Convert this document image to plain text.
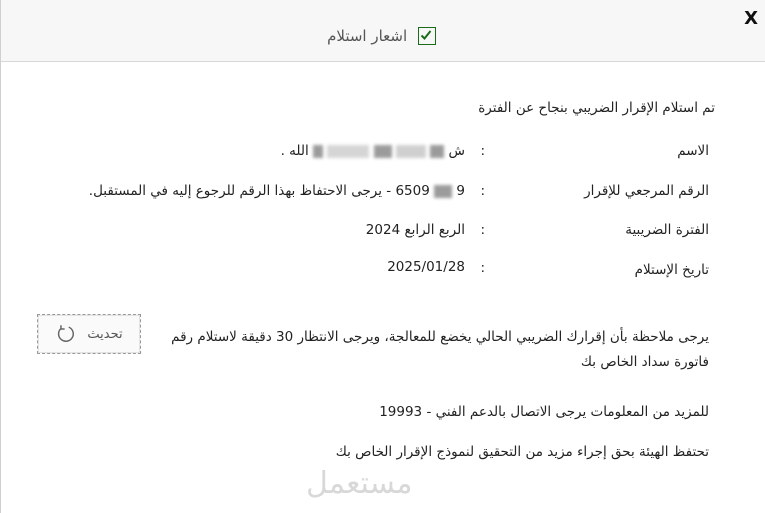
X
اشعار استلام
تم استلام الإقرار الضريبي بنجاح عن الفترة
الاسم
:
ش      الله .
الرقم المرجعي للإقرار
:
9  6509 - يرجى الاحتفاظ بهذا الرقم للرجوع إليه في المستقبل.
الفترة الضريبية
:
الربع الرابع 2024
تاريخ الإستلام
:
2025/01/28
تحديث	يرجى ملاحظة بأن إقرارك الضريبي الحالي يخضع للمعالجة، ويرجى الانتظار 30 دقيقة لاستلام رقم فاتورة سداد الخاص بك
للمزيد من المعلومات يرجى الاتصال بالدعم الفني - 19993
تحتفظ الهيئة بحق إجراء مزيد من التحقيق لنموذج الإقرار الخاص بك
مستعمل
